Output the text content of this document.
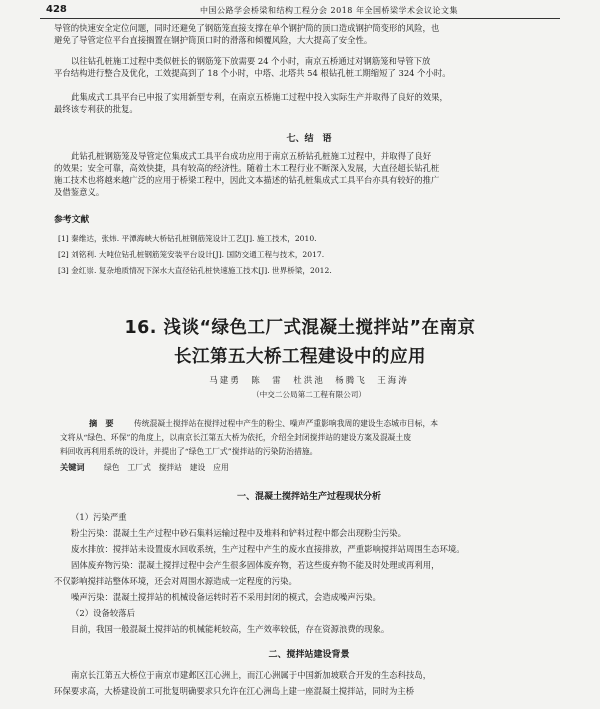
428	中国公路学会桥梁和结构工程分会 2018 年全国桥梁学术会议论文集
导管的快速安全定位问题，同时还避免了钢筋笼直接支撑在单个钢护筒的顶口造成钢护筒变形的风险，也
避免了导管定位平台直接搁置在钢护筒顶口时的滑落和倾覆风险，大大提高了安全性。
以往钻孔桩施工过程中类似桩长的钢筋笼下放需要 24 个小时，南京五桥通过对钢筋笼和导管下放
平台结构进行整合及优化，工效提高到了 18 个小时，中塔、北塔共 54 根钻孔桩工期缩短了 324 个小时。
此集成式工具平台已申报了实用新型专利，在南京五桥施工过程中投入实际生产并取得了良好的效果，
最终该专利获的批复。
七、结　语
此钻孔桩钢筋笼及导管定位集成式工具平台成功应用于南京五桥钻孔桩施工过程中，并取得了良好
的效果；安全可靠，高效快捷，具有较高的经济性。随着土木工程行业不断深入发展，大直径超长钻孔桩
施工技术也将越来越广泛的应用于桥梁工程中，因此文本描述的钻孔桩集成式工具平台亦具有较好的推广
及借鉴意义。
参考文献
[1] 秦维达，张炜. 平潭海峡大桥钻孔桩钢筋笼设计工艺[J]. 施工技术，2010.
[2] 刘铭利. 大吨位钻孔桩钢筋笼安装平台设计[J]. 国防交通工程与技术，2017.
[3] 金红崇. 复杂地质情况下深水大直径钻孔桩快速施工技术[J]. 世界桥梁，2012.
16. 浅谈“绿色工厂式混凝土搅拌站”在南京
长江第五大桥工程建设中的应用
马建勇　陈　雷　杜洪池　杨腾飞　王海涛
（中交二公局第二工程有限公司）
摘　要	传统混凝土搅拌站在搅拌过程中产生的粉尘、噪声严重影响我周的建设生态城市目标，本
文将从“绿色、环保”的角度上，以南京长江第五大桥为依托，介绍全封闭搅拌站的建设方案及混凝土废
料回收再利用系统的设计，并提出了“绿色工厂式”搅拌站的污染防治措施。
关键词 绿色　工厂式　搅拌站　建设　应用
一、混凝土搅拌站生产过程现状分析
（1）污染严重
粉尘污染：混凝土生产过程中砂石集料运输过程中及堆料和铲料过程中都会出现粉尘污染。
废水排放：搅拌站未设置废水回收系统，生产过程中产生的废水直接排放，严重影响搅拌站周围生态环境。
固体废弃物污染：混凝土搅拌过程中会产生很多固体废弃物，若这些废弃物不能及时处理或再利用，
不仅影响搅拌站整体环境，还会对周围水源造成一定程度的污染。
噪声污染：混凝土搅拌站的机械设备运转时若不采用封闭的模式，会造成噪声污染。
（2）设备较落后
目前，我国一般混凝土搅拌站的机械能耗较高，生产效率较低，存在资源浪费的现象。
二、搅拌站建设背景
南京长江第五大桥位于南京市建邺区江心洲上，而江心洲属于中国新加坡联合开发的生态科技岛，
环保要求高，大桥建设前工可批复明确要求只允许在江心洲岛上建一座混凝土搅拌站，同时为主桥
